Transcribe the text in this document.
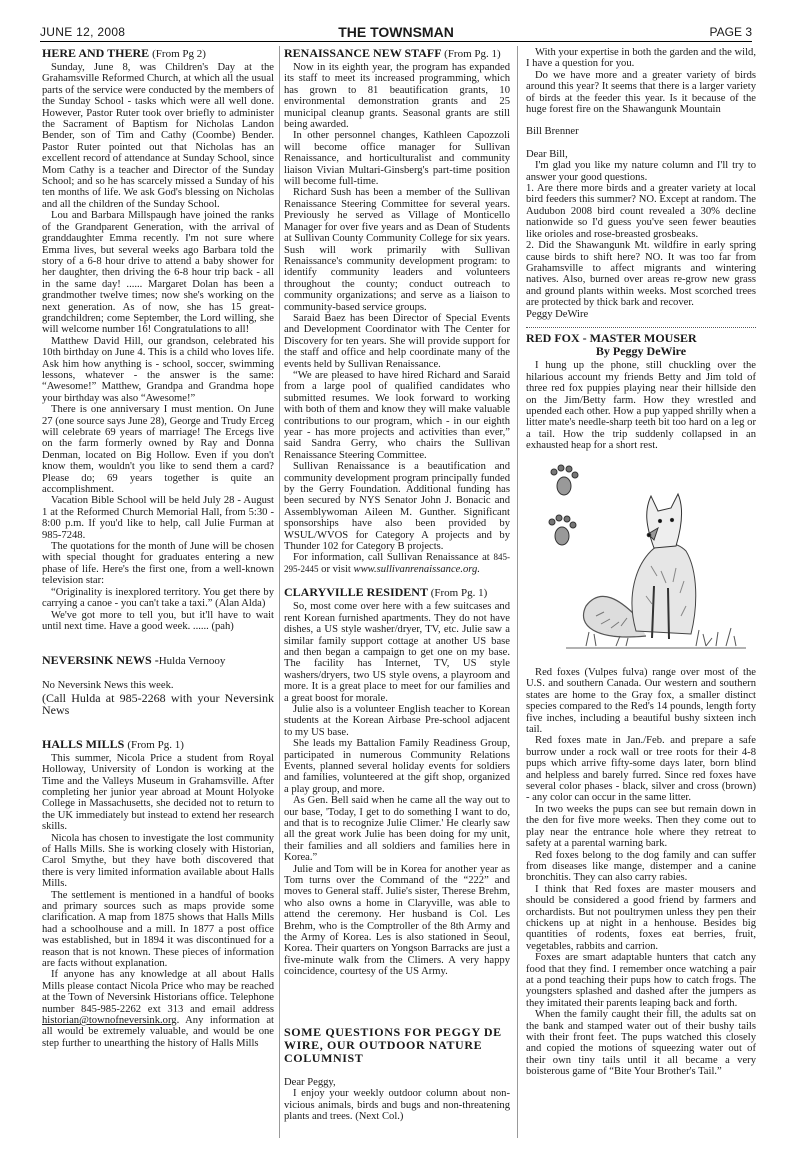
JUNE 12, 2008	THE TOWNSMAN	PAGE 3
HERE AND THERE (From Pg 2)

Sunday, June 8, was Children's Day at the Grahamsville Reformed Church, at which all the usual parts of the service were conducted by the members of the Sunday School - tasks which were all well done. However, Pastor Ruter took over briefly to administer the Sacrament of Baptism for Nicholas Landon Bender, son of Tim and Cathy (Coombe) Bender. Pastor Ruter pointed out that Nicholas has an excellent record of attendance at Sunday School, since Mom Cathy is a teacher and Director of the Sunday School; and so he has scarcely missed a Sunday of his ten months of life. We ask God's blessing on Nicholas and all the children of the Sunday School.

Lou and Barbara Millspaugh have joined the ranks of the Grandparent Generation, with the arrival of granddaughter Emma recently. I'm not sure where Emma lives, but several weeks ago Barbara told the story of a 6-8 hour drive to attend a baby shower for her daughter, then driving the 6-8 hour trip back - all in the same day! ...... Margaret Dolan has been a grandmother twelve times; now she's working on the next generation. As of now, she has 15 great-grandchildren; come September, the Lord willing, she will welcome number 16! Congratulations to all!

Matthew David Hill, our grandson, celebrated his 10th birthday on June 4. This is a child who loves life. Ask him how anything is - school, soccer, swimming lessons, whatever - the answer is the same: “Awesome!” Matthew, Grandpa and Grandma hope your birthday was also “Awesome!”

There is one anniversary I must mention. On June 27 (one source says June 28), George and Trudy Erceg will celebrate 69 years of marriage! The Ercegs live on the farm formerly owned by Ray and Donna Denman, located on Big Hollow. Even if you don't know them, wouldn't you like to send them a card? Please do; 69 years together is quite an accomplishment.

Vacation Bible School will be held July 28 - August 1 at the Reformed Church Memorial Hall, from 5:30 - 8:00 p.m. If you'd like to help, call Julie Furman at 985-7248.

The quotations for the month of June will be chosen with special thought for graduates entering a new phase of life. Here's the first one, from a well-known television star:

“Originality is inexplored territory. You get there by carrying a canoe - you can't take a taxi.” (Alan Alda)

We've got more to tell you, but it'll have to wait until next time. Have a good week. ...... (pah)

NEVERSINK NEWS -Hulda Vernooy

No Neversink News this week.

(Call Hulda at 985-2268 with your Neversink News

HALLS MILLS (From Pg. 1)

This summer, Nicola Price a student from Royal Holloway, University of London is working at the Time and the Valleys Museum in Grahamsville. After completing her junior year abroad at Mount Holyoke College in Massachusetts, she decided not to return to the UK immediately but instead to extend her research skills.

Nicola has chosen to investigate the lost community of Halls Mills. She is working closely with Historian, Carol Smythe, but they have both discovered that there is very limited information available about Halls Mills.

The settlement is mentioned in a handful of books and primary sources such as maps provide some clarification. A map from 1875 shows that Halls Mills had a schoolhouse and a mill. In 1877 a post office was established, but in 1894 it was discontinued for a reason that is not known. These pieces of information are facts without explanation.

If anyone has any knowledge at all about Halls Mills please contact Nicola Price who may be reached at the Town of Neversink Historians office. Telephone number 845-985-2262 ext 313 and email address historian@townofneversink.org. Any information at all would be extremely valuable, and would be one step further to unearthing the history of Halls Mills

RENAISSANCE NEW STAFF (From Pg. 1)

Now in its eighth year, the program has expanded its staff to meet its increased programming, which has grown to 81 beautification grants, 10 environmental demonstration grants and 25 municipal cleanup grants. Seasonal grants are still being awarded.

In other personnel changes, Kathleen Capozzoli will become office manager for Sullivan Renaissance, and horticulturalist and community liaison Vivian Multari-Ginsberg's part-time position will become full-time.

Richard Sush has been a member of the Sullivan Renaissance Steering Committee for several years. Previously he served as Village of Monticello Manager for over five years and as Dean of Students at Sullivan County Community College for six years. Sush will work primarily with Sullivan Renaissance's community development program: to identify community leaders and volunteers throughout the county; conduct outreach to community organizations; and serve as a liaison to community-based service groups.

Saraid Baez has been Director of Special Events and Development Coordinator with The Center for Discovery for ten years. She will provide support for the staff and office and help coordinate many of the events held by Sullivan Renaissance.

“We are pleased to have hired Richard and Saraid from a large pool of qualified candidates who submitted resumes. We look forward to working with both of them and know they will make valuable contributions to our program, which - in our eighth year - has more projects and activities than ever,” said Sandra Gerry, who chairs the Sullivan Renaissance Steering Committee.

Sullivan Renaissance is a beautification and community development program principally funded by the Gerry Foundation. Additional funding has been secured by NYS Senator John J. Bonacic and Assemblywoman Aileen M. Gunther. Significant sponsorships have also been provided by WSUL/WVOS for Category A projects and by Thunder 102 for Category B projects.

For information, call Sullivan Renaissance at 845-295-2445 or visit www.sullivanrenaissance.org.

CLARYVILLE RESIDENT (From Pg. 1)

So, most come over here with a few suitcases and rent Korean furnished apartments. They do not have dishes, a US style washer/dryer, TV, etc. Julie saw a similar family support cottage at another US base and then began a campaign to get one on my base. The facility has Internet, TV, US style washers/dryers, two US style ovens, a playroom and more. It is a great place to meet for our families and a great boost for morale.

Julie also is a volunteer English teacher to Korean students at the Korean Airbase Pre-school adjacent to my US base.

She leads my Battalion Family Readiness Group, participated in numerous Community Relations Events, planned several holiday events for soldiers and families, volunteered at the gift shop, organized a play group, and more.

As Gen. Bell said when he came all the way out to our base, 'Today, I get to do something I want to do, and that is to recognize Julie Climer.' He clearly saw all the great work Julie has been doing for my unit, their families and all soldiers and families here in Korea.”

Julie and Tom will be in Korea for another year as Tom turns over the Command of the “222” and moves to General staff. Julie's sister, Therese Brehm, who also owns a home in Claryville, was able to attend the ceremony. Her husband is Col. Les Brehm, who is the Comptroller of the 8th Army and the Army of Korea. Les is also stationed in Seoul, Korea. Their quarters on Yongson Barracks are just a five-minute walk from the Climers. A very happy coincidence, courtesy of the US Army.

SOME QUESTIONS FOR PEGGY DE WIRE, OUR OUTDOOR NATURE COLUMNIST

Dear Peggy,

I enjoy your weekly outdoor column about non-vicious animals, birds and bugs and non-threatening plants and trees. (Next Col.)

With your expertise in both the garden and the wild, I have a question for you.

Do we have more and a greater variety of birds around this year? It seems that there is a larger variety of birds at the feeder this year. Is it because of the huge forest fire on the Shawangunk Mountain

Bill Brenner

Dear Bill,

I'm glad you like my nature column and I'll try to answer your good questions.

1. Are there more birds and a greater variety at local bird feeders this summer? NO. Except at random. The Audubon 2008 bird count revealed a 30% decline nationwide so I'd guess you've seen fewer beauties like orioles and rose-breasted grosbeaks.

2. Did the Shawangunk Mt. wildfire in early spring cause birds to shift here? NO. It was too far from Grahamsville to affect migrants and wintering natives. Also, burned over areas re-grow new grass and ground plants within weeks. Most scorched trees are protected by thick bark and recover.

Peggy DeWire

RED FOX - MASTER MOUSER
By Peggy DeWire

I hung up the phone, still chuckling over the hilarious account my friends Betty and Jim told of three red fox puppies playing near their hillside den on the Jim/Betty farm. How they wrestled and upended each other. How a pup yapped shrilly when a litter mate's needle-sharp teeth bit too hard on a leg or a tail. How the trip suddenly collapsed in an exhausted heap for a short rest.

Red foxes (Vulpes fulva) range over most of the U.S. and southern Canada. Our western and southern states are home to the Gray fox, a smaller distinct species compared to the Red's 14 pounds, length forty five inches, including a beautiful bushy sixteen inch tail.

Red foxes mate in Jan./Feb. and prepare a safe burrow under a rock wall or tree roots for their 4-8 pups which arrive fifty-some days later, born blind and helpless and barely furred. Since red foxes have several color phases - black, silver and cross (brown) - any color can occur in the same litter.

In two weeks the pups can see but remain down in the den for five more weeks. Then they come out to play near the entrance hole where they retreat to safety at a parental warning bark.

Red foxes belong to the dog family and can suffer from diseases like mange, distemper and a canine bronchitis. They can also carry rabies.

I think that Red foxes are master mousers and should be considered a good friend by farmers and orchardists. But not poultrymen unless they pen their chickens up at night in a henhouse. Besides big quantities of rodents, foxes eat berries, fruit, vegetables, rabbits and carrion.

Foxes are smart adaptable hunters that catch any food that they find. I remember once watching a pair at a pond teaching their pups how to catch frogs. The youngsters splashed and dashed after the jumpers as they imitated their parents leaping back and forth.

When the family caught their fill, the adults sat on the bank and stamped water out of their bushy tails with their front feet. The pups watched this closely and copied the motions of squeezing water out of their own tiny tails until it all became a very boisterous game of “Bite Your Brother's Tail.”
